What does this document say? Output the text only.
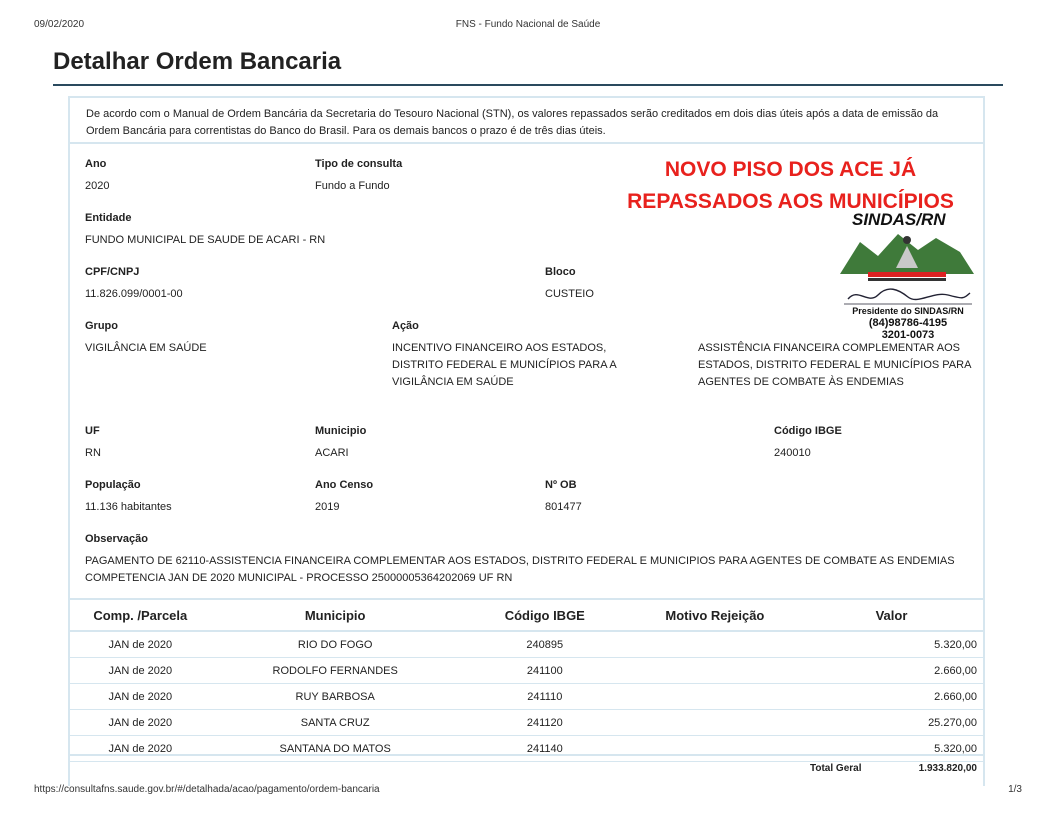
09/02/2020	FNS - Fundo Nacional de Saúde
Detalhar Ordem Bancaria
De acordo com o Manual de Ordem Bancária da Secretaria do Tesouro Nacional (STN), os valores repassados serão creditados em dois dias úteis após a data de emissão da Ordem Bancária para correntistas do Banco do Brasil. Para os demais bancos o prazo é de três dias úteis.
Ano
2020
Tipo de consulta
Fundo a Fundo
NOVO PISO DOS ACE JÁ
REPASSADOS AOS MUNICÍPIOS
Entidade
FUNDO MUNICIPAL DE SAUDE DE ACARI - RN
SINDAS/RN
Presidente do SINDAS/RN
(84)98786-4195
3201-0073
CPF/CNPJ
11.826.099/0001-00
Bloco
CUSTEIO
Grupo
VIGILÂNCIA EM SAÚDE
Ação
INCENTIVO FINANCEIRO AOS ESTADOS, DISTRITO FEDERAL E MUNICÍPIOS PARA A VIGILÂNCIA EM SAÚDE
ASSISTÊNCIA FINANCEIRA COMPLEMENTAR AOS ESTADOS, DISTRITO FEDERAL E MUNICÍPIOS PARA AGENTES DE COMBATE ÀS ENDEMIAS
UF
RN
Municipio
ACARI
Código IBGE
240010
População
11.136 habitantes
Ano Censo
2019
Nº OB
801477
Observação
PAGAMENTO DE 62110-ASSISTENCIA FINANCEIRA COMPLEMENTAR AOS ESTADOS, DISTRITO FEDERAL E MUNICIPIOS PARA AGENTES DE COMBATE AS ENDEMIAS COMPETENCIA JAN DE 2020 MUNICIPAL - PROCESSO 25000005364202069 UF RN
Comp. /Parcela	Municipio	Código IBGE	Motivo Rejeição	Valor
JAN de 2020	RIO DO FOGO	240895		5.320,00
JAN de 2020	RODOLFO FERNANDES	241100		2.660,00
JAN de 2020	RUY BARBOSA	241110		2.660,00
JAN de 2020	SANTA CRUZ	241120		25.270,00
JAN de 2020	SANTANA DO MATOS	241140		5.320,00
Total Geral	1.933.820,00
https://consultafns.saude.gov.br/#/detalhada/acao/pagamento/ordem-bancaria	1/3
